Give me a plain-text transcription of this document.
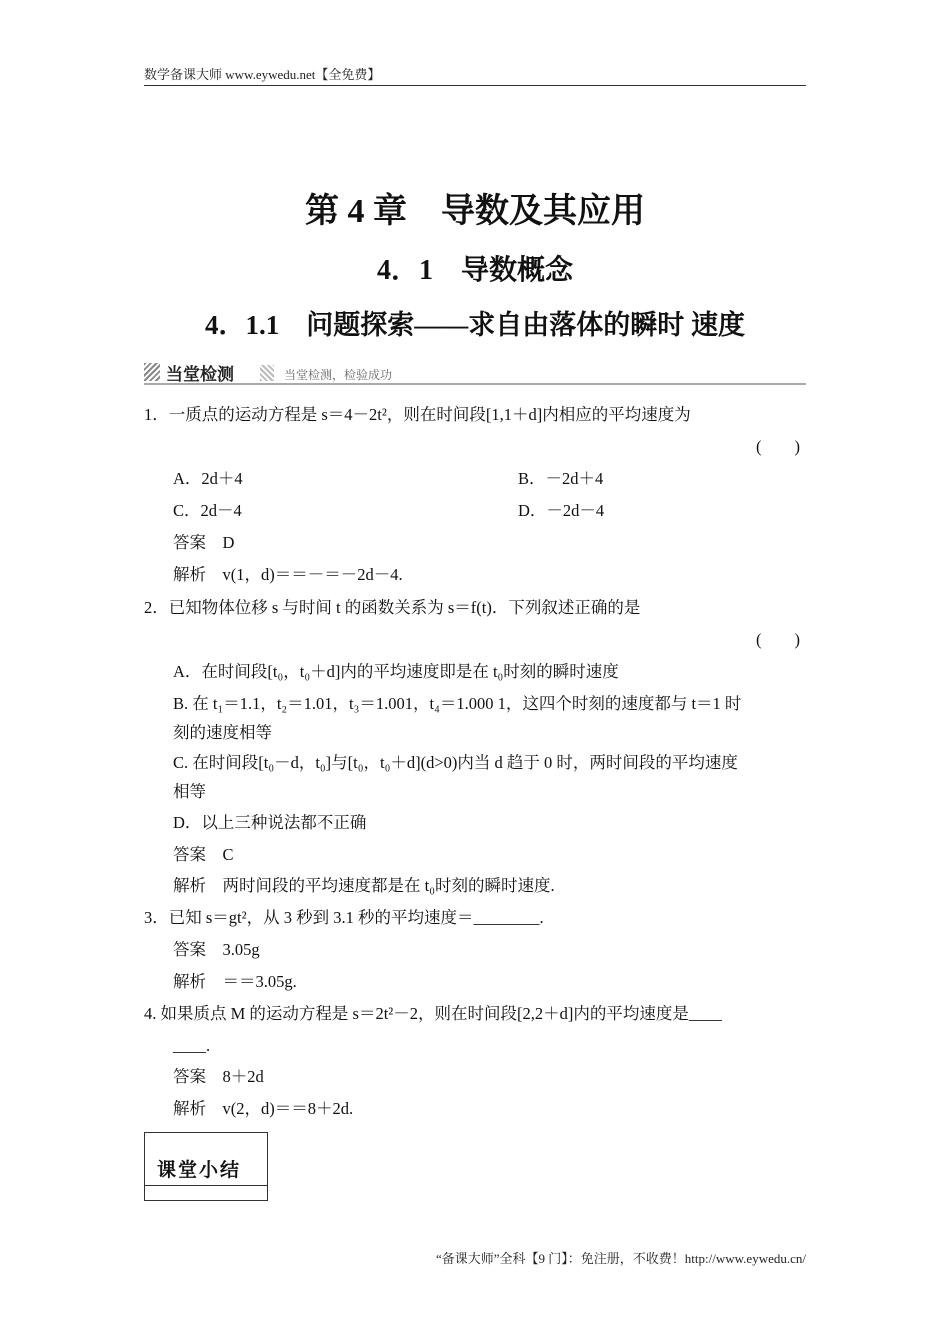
数学备课大师 www.eywedu.net【全免费】
第 4 章　导数及其应用
4．1　导数概念
4．1.1　问题探索——求自由落体的瞬时 速度
当堂检测	当堂检测，检验成功
1．一质点的运动方程是 s＝4－2t²，则在时间段[1,1＋d]内相应的平均速度为
(　　)
A．2d＋4	B．－2d＋4
C．2d－4	D．－2d－4
答案　D
解析　v(1，d)＝＝－＝－2d－4.
2．已知物体位移 s 与时间 t 的函数关系为 s＝f(t)．下列叙述正确的是
(　　)
A．在时间段[t₀，t₀＋d]内的平均速度即是在 t₀时刻的瞬时速度
B. 在 t₁＝1.1，t₂＝1.01，t₃＝1.001，t₄＝1.000 1，这四个时刻的速度都与 t＝1 时
刻的速度相等
C. 在时间段[t₀－d，t₀]与[t₀，t₀＋d](d>0)内当 d 趋于 0 时，两时间段的平均速度
相等
D．以上三种说法都不正确
答案　C
解析　两时间段的平均速度都是在 t₀时刻的瞬时速度.
3．已知 s＝gt²，从 3 秒到 3.1 秒的平均速度＝________.
答案　3.05g
解析　＝＝3.05g.
4. 如果质点 M 的运动方程是 s＝2t²－2，则在时间段[2,2＋d]内的平均速度是____
____.
答案　8＋2d
解析　v(2，d)＝＝8＋2d.
课堂小结
“备课大师”全科【9 门】：免注册，不收费！http://www.eywedu.cn/
